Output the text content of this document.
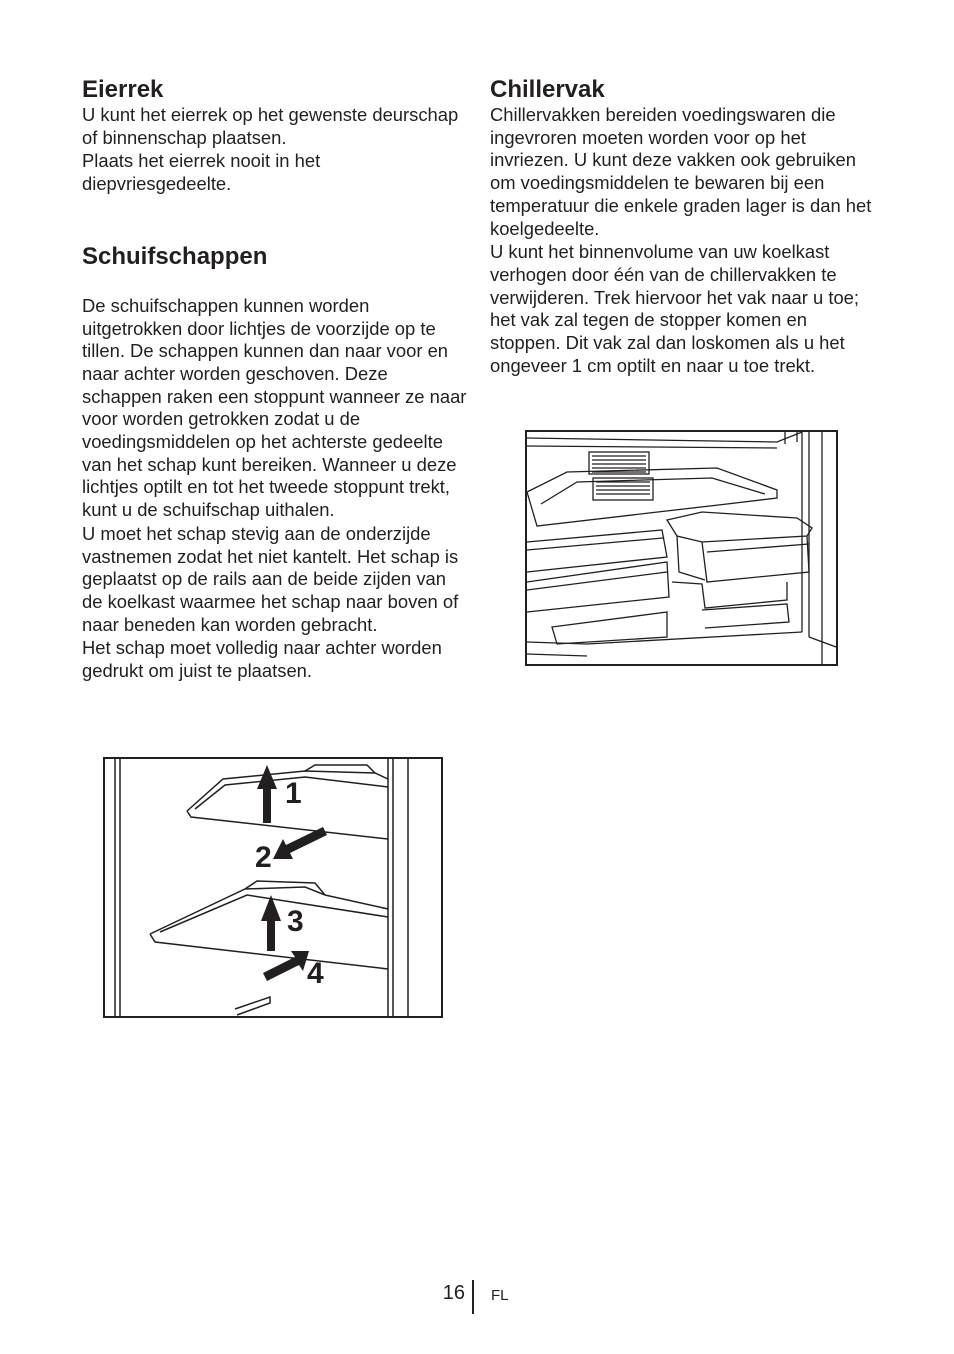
Eierrek

U kunt het eierrek op het gewenste deurschap of binnenschap plaatsen.

Plaats het eierrek nooit in het diepvriesgedeelte.

Schuifschappen

De schuifschappen kunnen worden uitgetrokken door lichtjes de voorzijde op te tillen. De schappen kunnen dan naar voor en naar achter worden geschoven. Deze schappen raken een stoppunt wanneer ze naar voor worden getrokken zodat u de voedingsmiddelen op het achterste gedeelte van het schap kunt bereiken. Wanneer u deze lichtjes optilt en tot het tweede stoppunt trekt, kunt u de schuifschap uithalen.

U moet het schap stevig aan de onderzijde vastnemen zodat het niet kantelt. Het schap is geplaatst op de rails aan de beide zijden van de koelkast waarmee het schap naar boven of naar beneden kan worden gebracht.

Het schap moet volledig naar achter worden gedrukt om juist te plaatsen.

Chillervak

Chillervakken bereiden voedingswaren die ingevroren moeten worden voor op het invriezen. U kunt deze vakken ook gebruiken om voedingsmiddelen te bewaren bij een temperatuur die enkele graden lager is dan het koelgedeelte.

U kunt het binnenvolume van uw koelkast verhogen door één van de chillervakken te verwijderen. Trek hiervoor het vak naar u toe; het vak zal tegen de stopper komen en stoppen. Dit vak zal dan loskomen als u het ongeveer 1 cm optilt en naar u toe trekt.

1
2
3
4
16 FL
